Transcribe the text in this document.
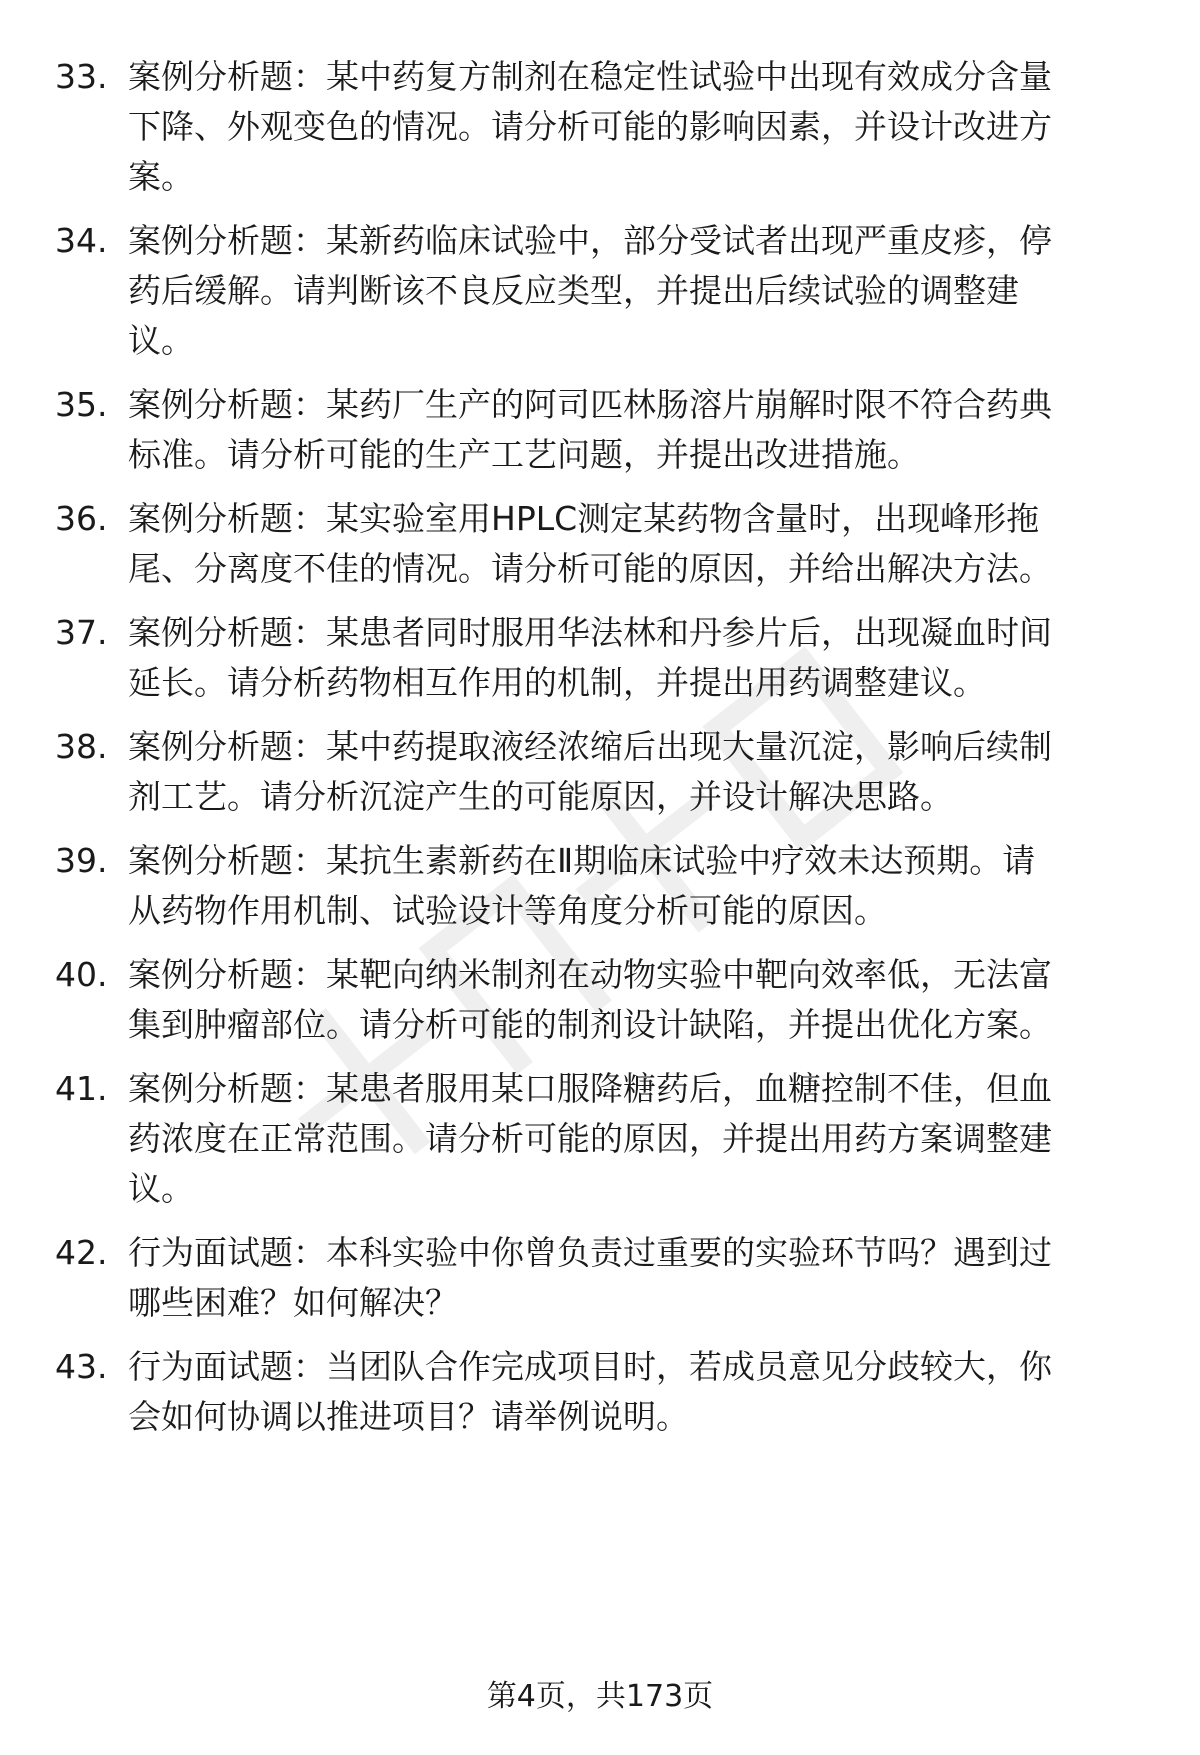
33. 案例分析题：某中药复方制剂在稳定性试验中出现有效成分含量
下降、外观变色的情况。请分析可能的影响因素，并设计改进方
案。
34. 案例分析题：某新药临床试验中，部分受试者出现严重皮疹，停
药后缓解。请判断该不良反应类型，并提出后续试验的调整建
议。
35. 案例分析题：某药厂生产的阿司匹林肠溶片崩解时限不符合药典
标准。请分析可能的生产工艺问题，并提出改进措施。
36. 案例分析题：某实验室用HPLC测定某药物含量时，出现峰形拖
尾、分离度不佳的情况。请分析可能的原因，并给出解决方法。
37. 案例分析题：某患者同时服用华法林和丹参片后，出现凝血时间
延长。请分析药物相互作用的机制，并提出用药调整建议。
38. 案例分析题：某中药提取液经浓缩后出现大量沉淀，影响后续制
剂工艺。请分析沉淀产生的可能原因，并设计解决思路。
39. 案例分析题：某抗生素新药在Ⅱ期临床试验中疗效未达预期。请
从药物作用机制、试验设计等角度分析可能的原因。
40. 案例分析题：某靶向纳米制剂在动物实验中靶向效率低，无法富
集到肿瘤部位。请分析可能的制剂设计缺陷，并提出优化方案。
41. 案例分析题：某患者服用某口服降糖药后，血糖控制不佳，但血
药浓度在正常范围。请分析可能的原因，并提出用药方案调整建
议。
42. 行为面试题：本科实验中你曾负责过重要的实验环节吗？遇到过
哪些困难？如何解决？
43. 行为面试题：当团队合作完成项目时，若成员意见分歧较大，你
会如何协调以推进项目？请举例说明。
第4页，共173页
